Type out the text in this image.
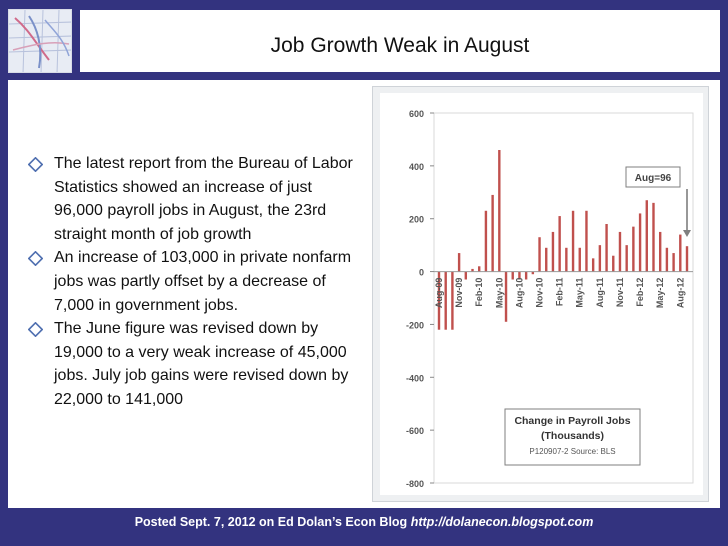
Job Growth Weak in August
The latest report from the Bureau of Labor Statistics showed an increase of just 96,000 payroll jobs in August, the 23rd straight month of job growth
An increase of 103,000 in private nonfarm jobs was partly offset by a decrease of 7,000 in government jobs.
The June figure was revised down by 19,000 to a very weak increase of 45,000 jobs. July job gains were revised down by 22,000 to 141,000
600
400
200
0
-200
-400
-600
-800
Aug-09 Nov-09 Feb-10 May-10 Aug-10 Nov-10 Feb-11 May-11 Aug-11 Nov-11 Feb-12 May-12 Aug-12
Aug=96
Change in Payroll Jobs
(Thousands)
P120907-2 Source: BLS
Posted Sept. 7, 2012 on Ed Dolan’s Econ Blog http://dolanecon.blogspot.com
